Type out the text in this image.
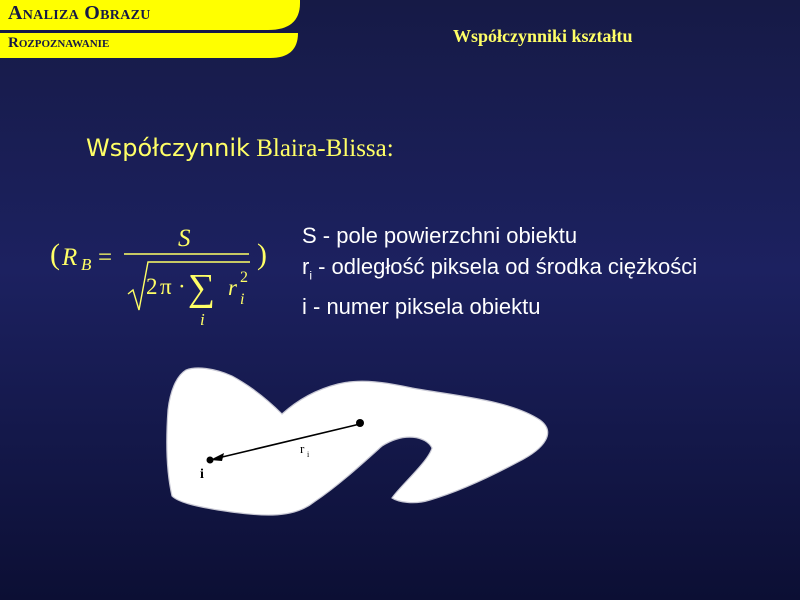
Analiza Obrazu
Rozpoznawanie	Współczynniki kształtu
Współczynnik Blaira-Blissa:
( R B =
S
2 π · ∑
i
r 2
i
)
S - pole powierzchni obiektu
$r_i$ - odległość piksela od środka ciężkości
i - numer piksela obiektu
r i
i
